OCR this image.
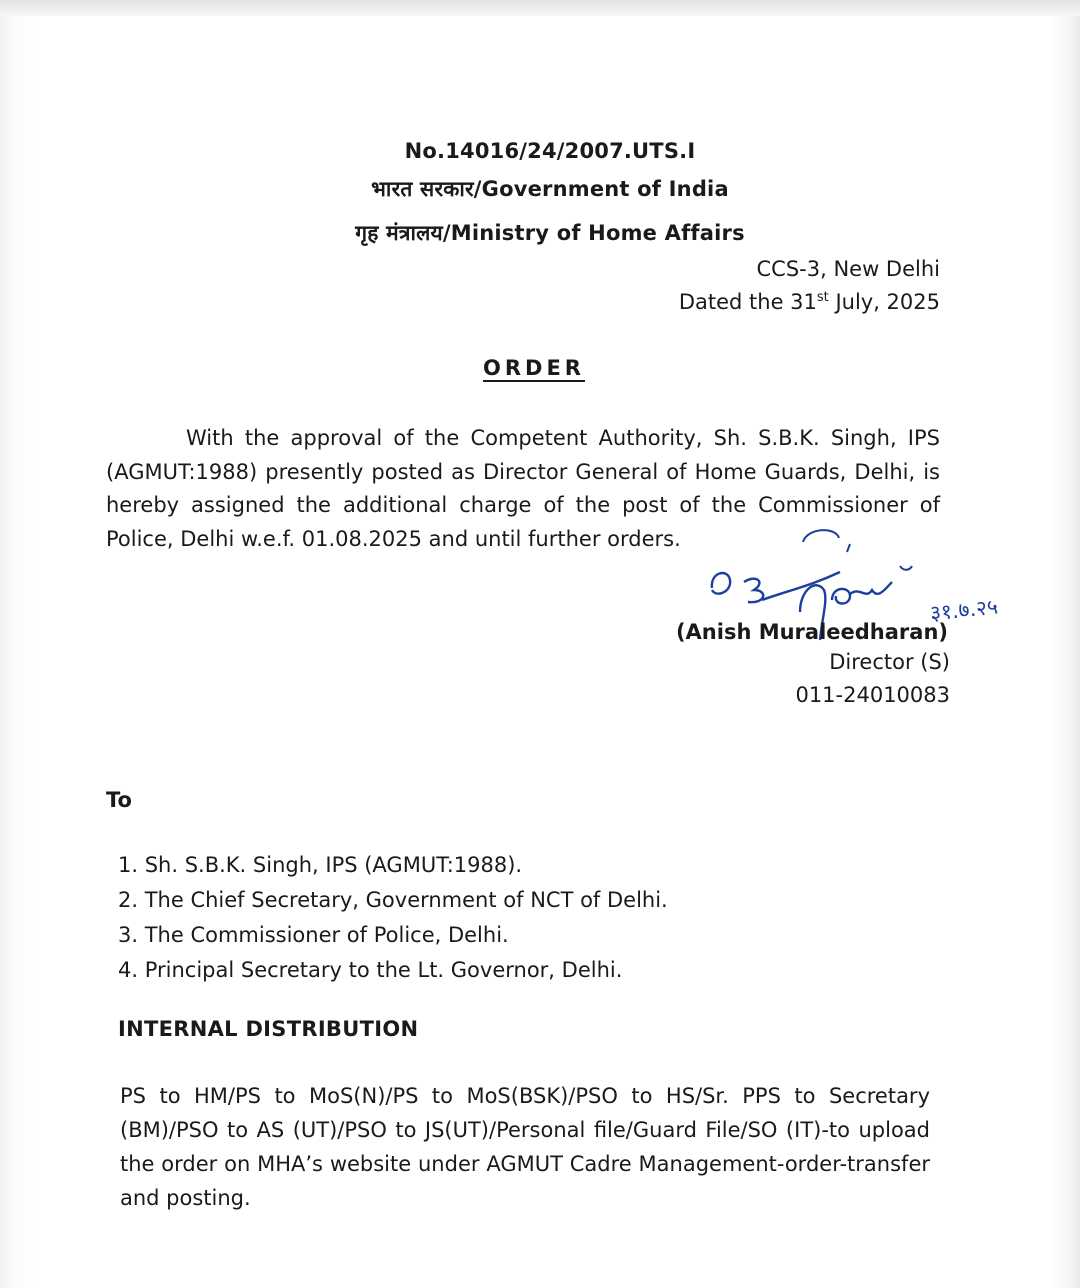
No.14016/24/2007.UTS.I
भारत सरकार/Government of India
गृह मंत्रालय/Ministry of Home Affairs
CCS-3, New Delhi
Dated the 31st July, 2025
ORDER

With the approval of the Competent Authority, Sh. S.B.K. Singh, IPS (AGMUT:1988) presently posted as Director General of Home Guards, Delhi, is hereby assigned the additional charge of the post of the Commissioner of Police, Delhi w.e.f. 01.08.2025 and until further orders.

३१.७.२५
(Anish Muraleedharan)
Director (S)
011-24010083
To
1. Sh. S.B.K. Singh, IPS (AGMUT:1988).
2. The Chief Secretary, Government of NCT of Delhi.
3. The Commissioner of Police, Delhi.
4. Principal Secretary to the Lt. Governor, Delhi.
INTERNAL DISTRIBUTION

PS to HM/PS to MoS(N)/PS to MoS(BSK)/PSO to HS/Sr. PPS to Secretary (BM)/PSO to AS (UT)/PSO to JS(UT)/Personal file/Guard File/SO (IT)-to upload the order on MHA’s website under AGMUT Cadre Management-order-transfer and posting.
